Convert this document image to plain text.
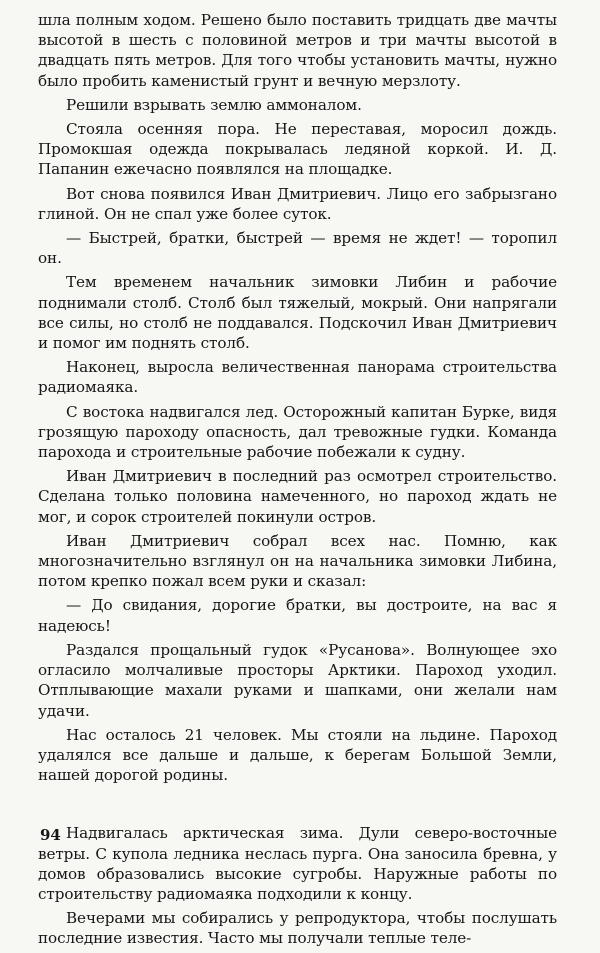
шла полным ходом. Решено было поставить тридцать две мачты высотой в шесть с половиной метров и три мачты высотой в двадцать пять метров. Для того чтобы установить мачты, нужно было пробить каменистый грунт и вечную мерзлоту.

Решили взрывать землю аммоналом.

Стояла осенняя пора. Не переставая, моросил дождь. Промокшая одежда покрывалась ледяной коркой. И. Д. Папанин ежечасно появлялся на площадке.

Вот снова появился Иван Дмитриевич. Лицо его забрызгано глиной. Он не спал уже более суток.

— Быстрей, братки, быстрей — время не ждет! — торопил он.

Тем временем начальник зимовки Либин и рабочие поднимали столб. Столб был тяжелый, мокрый. Они напрягали все силы, но столб не поддавался. Подскочил Иван Дмитриевич и помог им поднять столб.

Наконец, выросла величественная панорама строительства радиомаяка.

С востока надвигался лед. Осторожный капитан Бурке, видя грозящую пароходу опасность, дал тревожные гудки. Команда парохода и строительные рабочие побежали к судну.

Иван Дмитриевич в последний раз осмотрел строительство. Сделана только половина намеченного, но пароход ждать не мог, и сорок строителей покинули остров.

Иван Дмитриевич собрал всех нас. Помню, как многозначительно взглянул он на начальника зимовки Либина, потом крепко пожал всем руки и сказал:

— До свидания, дорогие братки, вы достроите, на вас я надеюсь!

Раздался прощальный гудок «Русанова». Волнующее эхо огласило молчаливые просторы Арктики. Пароход уходил. Отплывающие махали руками и шапками, они желали нам удачи.

Нас осталось 21 человек. Мы стояли на льдине. Пароход удалялся все дальше и дальше, к берегам Большой Земли, нашей дорогой родины.

Надвигалась арктическая зима. Дули северо-восточные ветры. С купола ледника неслась пурга. Она заносила бревна, у домов образовались высокие сугробы. Наружные работы по строительству радиомаяка подходили к концу.

Вечерами мы собирались у репродуктора, чтобы послушать последние известия. Часто мы получали теплые теле-

94
